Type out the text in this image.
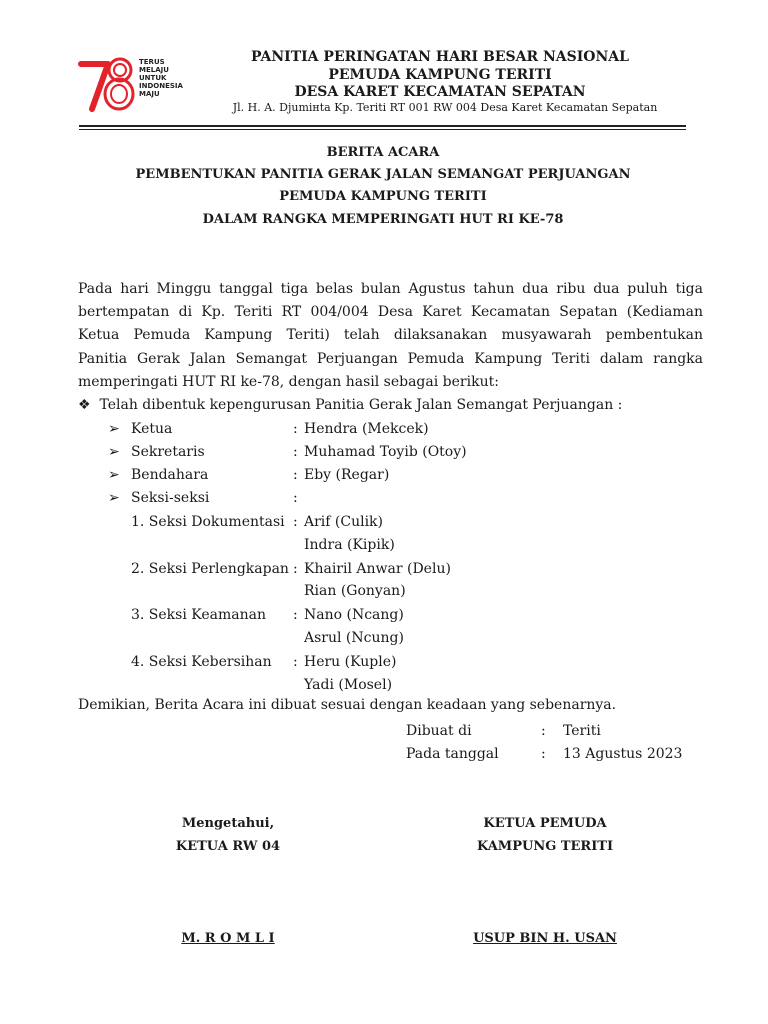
TERUS
MELAJU
UNTUK
INDONESIA
MAJU
PANITIA PERINGATAN HARI BESAR NASIONAL
PEMUDA KAMPUNG TERITI
DESA KARET KECAMATAN SEPATAN
Jl. H. A. Djumінta Kp. Teriti RT 001 RW 004 Desa Karet Kecamatan Sepatan
BERITA ACARA
PEMBENTUKAN PANITIA GERAK JALAN SEMANGAT PERJUANGAN
PEMUDA KAMPUNG TERITI
DALAM RANGKA MEMPERINGATI HUT RI KE-78

Pada hari Minggu tanggal tiga belas bulan Agustus tahun dua ribu dua puluh tiga

bertempatan di Kp. Teriti RT 004/004 Desa Karet Kecamatan Sepatan (Kediaman

Ketua Pemuda Kampung Teriti) telah dilaksanakan musyawarah pembentukan

Panitia Gerak Jalan Semangat Perjuangan Pemuda Kampung Teriti dalam rangka

memperingati HUT RI ke-78, dengan hasil sebagai berikut:

❖ Telah dibentuk kepengurusan Panitia Gerak Jalan Semangat Perjuangan :
➢ Ketua	: Hendra (Mekcek)
➢ Sekretaris	: Muhamad Toyib (Otoy)
➢ Bendahara	: Eby (Regar)
➢ Seksi-seksi	:
1. Seksi Dokumentasi : Arif (Culik)
Indra (Kipik)
2. Seksi Perlengkapan : Khairil Anwar (Delu)
Rian (Gonyan)
3. Seksi Keamanan : Nano (Ncang)
Asrul (Ncung)
4. Seksi Kebersihan : Heru (Kuple)
Yadi (Mosel)
Demikian, Berita Acara ini dibuat sesuai dengan keadaan yang sebenarnya.
Dibuat di	: Teriti
Pada tanggal	: 13 Agustus 2023
Mengetahui,
KETUA RW 04
M. R O M L I
KETUA PEMUDA
KAMPUNG TERITI
USUP BIN H. USAN
